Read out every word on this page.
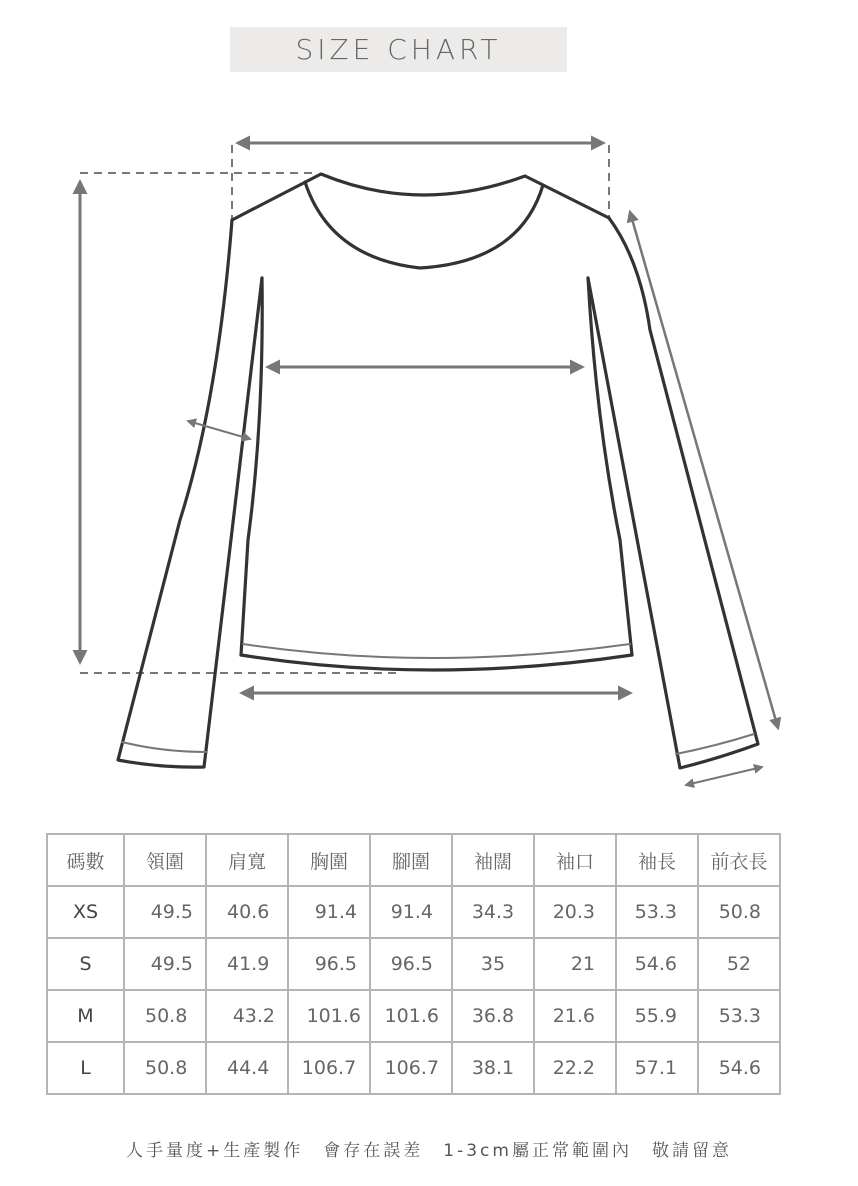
SIZE CHART
碼數	領圍	肩寬	胸圍	腳圍	袖闊	袖口	袖長	前衣長

XS	49.5	40.6	91.4	91.4	34.3	20.3	53.3	50.8

S	49.5	41.9	96.5	96.5	35	21	54.6	52

M	50.8	43.2	101.6	101.6	36.8	21.6	55.9	53.3

L	50.8	44.4	106.7	106.7	38.1	22.2	57.1	54.6
人手量度+生產製作　會存在誤差　1-3cm屬正常範圍內　敬請留意
